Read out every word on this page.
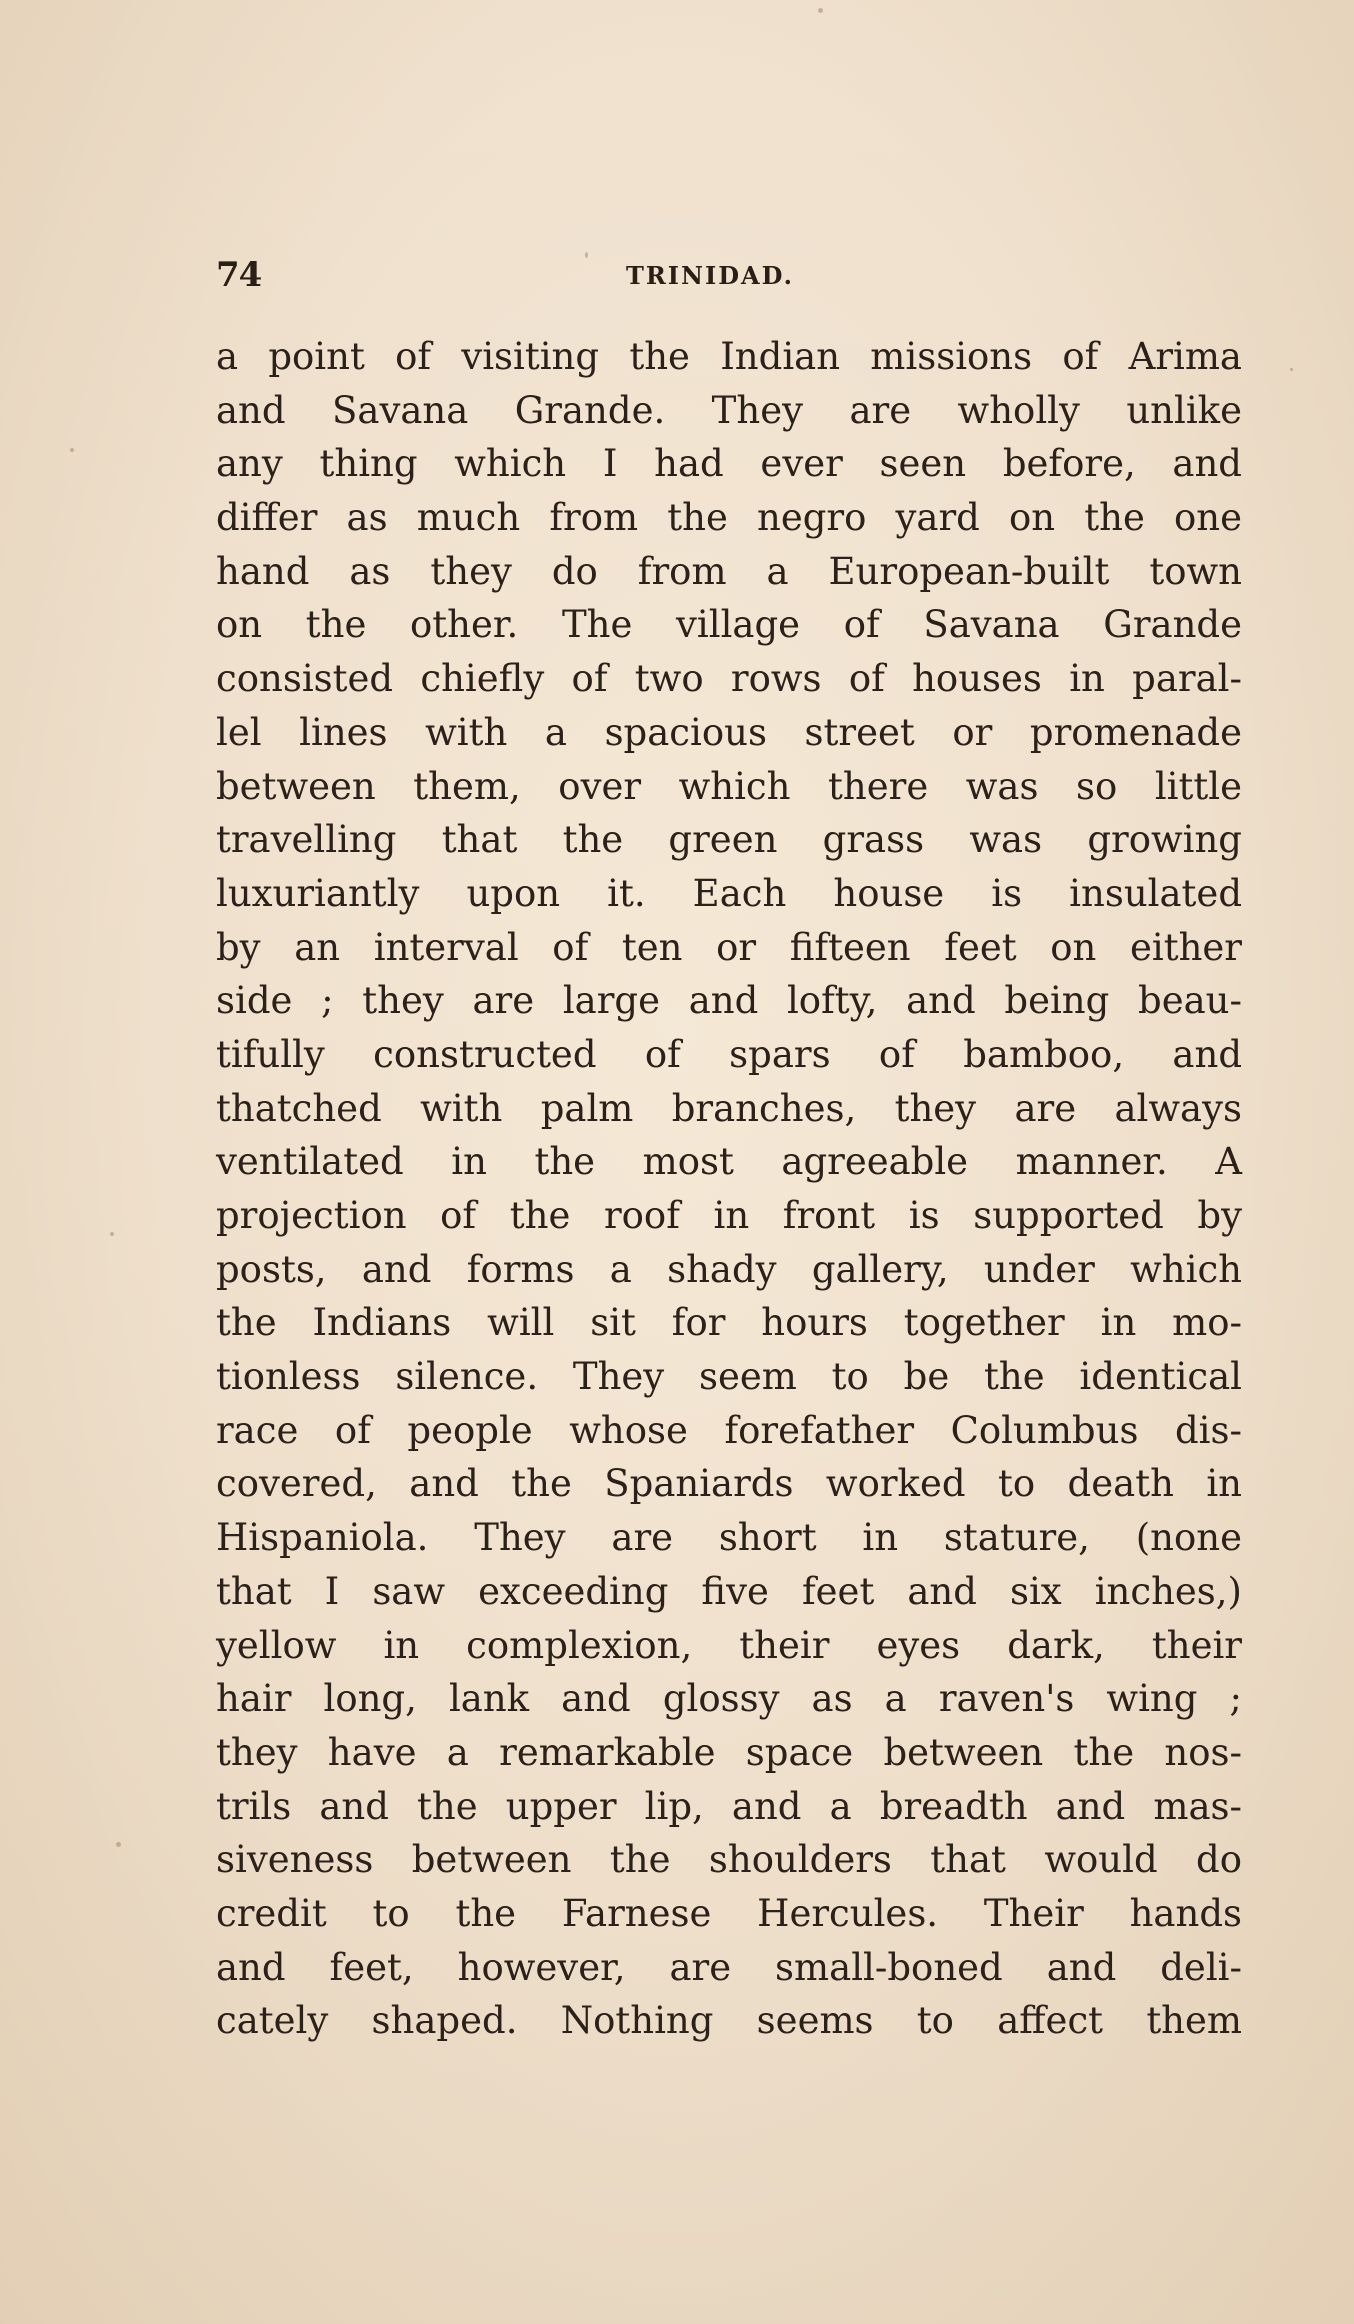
74	TRINIDAD.
a point of visiting the Indian missions of Arima
and Savana Grande. They are wholly unlike
any thing which I had ever seen before, and
differ as much from the negro yard on the one
hand as they do from a European-built town
on the other. The village of Savana Grande
consisted chiefly of two rows of houses in paral-
lel lines with a spacious street or promenade
between them, over which there was so little
travelling that the green grass was growing
luxuriantly upon it. Each house is insulated
by an interval of ten or fifteen feet on either
side ; they are large and lofty, and being beau-
tifully constructed of spars of bamboo, and
thatched with palm branches, they are always
ventilated in the most agreeable manner. A
projection of the roof in front is supported by
posts, and forms a shady gallery, under which
the Indians will sit for hours together in mo-
tionless silence. They seem to be the identical
race of people whose forefather Columbus dis-
covered, and the Spaniards worked to death in
Hispaniola. They are short in stature, (none
that I saw exceeding five feet and six inches,)
yellow in complexion, their eyes dark, their
hair long, lank and glossy as a raven's wing ;
they have a remarkable space between the nos-
trils and the upper lip, and a breadth and mas-
siveness between the shoulders that would do
credit to the Farnese Hercules. Their hands
and feet, however, are small-boned and deli-
cately shaped. Nothing seems to affect them
